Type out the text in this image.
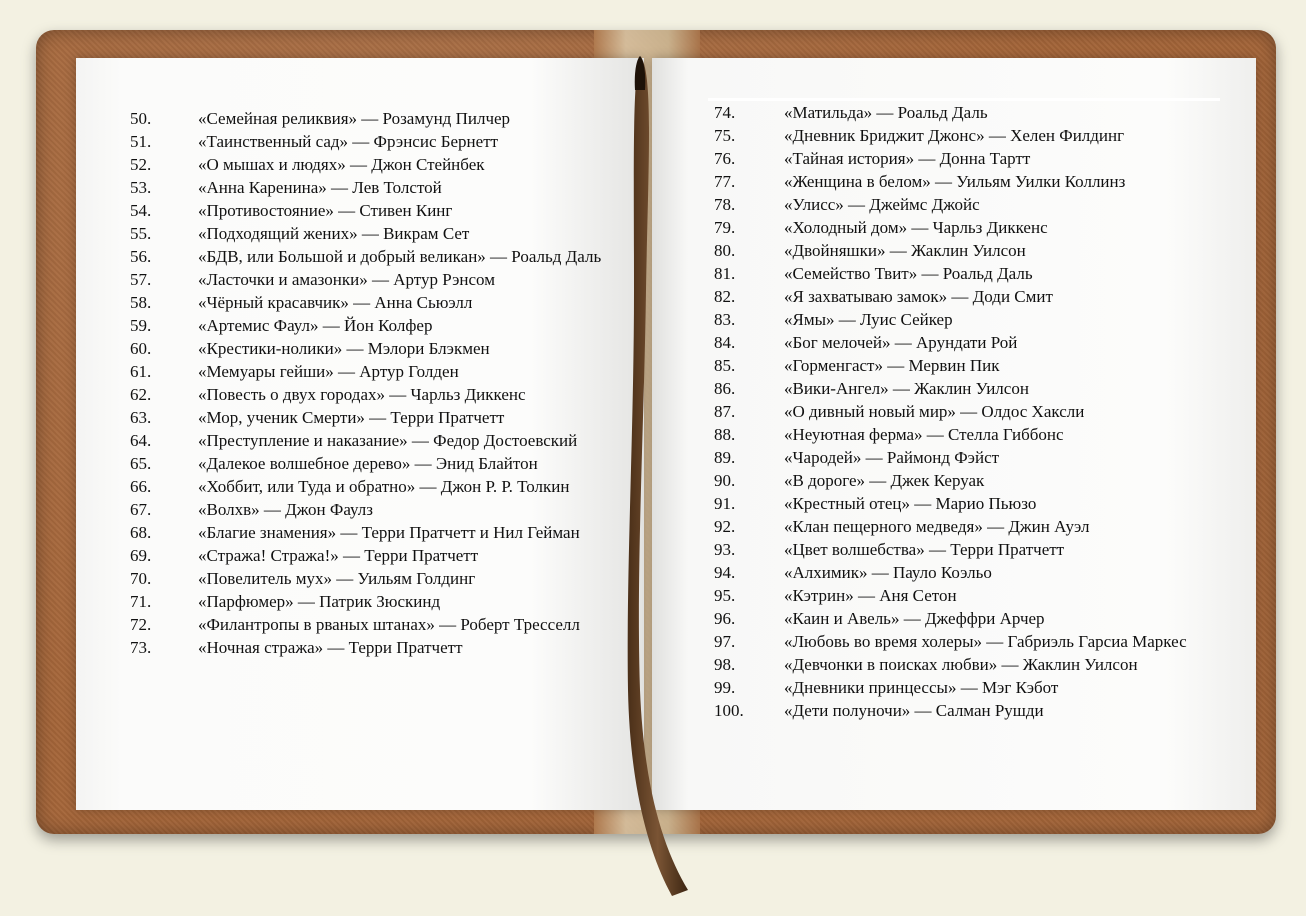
50.	«Семейная реликвия» — Розамунд Пилчер
51.	«Таинственный сад» — Фрэнсис Бернетт
52.	«О мышах и людях» — Джон Стейнбек
53.	«Анна Каренина» — Лев Толстой
54.	«Противостояние» — Стивен Кинг
55.	«Подходящий жених» — Викрам Сет
56.	«БДВ, или Большой и добрый великан» — Роальд Даль
57.	«Ласточки и амазонки» — Артур Рэнсом
58.	«Чёрный красавчик» — Анна Сьюэлл
59.	«Артемис Фаул» — Йон Колфер
60.	«Крестики-нолики» — Мэлори Блэкмен
61.	«Мемуары гейши» — Артур Голден
62.	«Повесть о двух городах» — Чарльз Диккенс
63.	«Мор, ученик Смерти» — Терри Пратчетт
64.	«Преступление и наказание» — Федор Достоевский
65.	«Далекое волшебное дерево» — Энид Блайтон
66.	«Хоббит, или Туда и обратно» — Джон Р. Р. Толкин
67.	«Волхв» — Джон Фаулз
68.	«Благие знамения» — Терри Пратчетт и Нил Гейман
69.	«Стража! Стража!» — Терри Пратчетт
70.	«Повелитель мух» — Уильям Голдинг
71.	«Парфюмер» — Патрик Зюскинд
72.	«Филантропы в рваных штанах» — Роберт Тресселл
73.	«Ночная стража» — Терри Пратчетт
74.	«Матильда» — Роальд Даль
75.	«Дневник Бриджит Джонс» — Хелен Филдинг
76.	«Тайная история» — Донна Тартт
77.	«Женщина в белом» — Уильям Уилки Коллинз
78.	«Улисс» — Джеймс Джойс
79.	«Холодный дом» — Чарльз Диккенс
80.	«Двойняшки» — Жаклин Уилсон
81.	«Семейство Твит» — Роальд Даль
82.	«Я захватываю замок» — Доди Смит
83.	«Ямы» — Луис Сейкер
84.	«Бог мелочей» — Арундати Рой
85.	«Горменгаст» — Мервин Пик
86.	«Вики-Ангел» — Жаклин Уилсон
87.	«О дивный новый мир» — Олдос Хаксли
88.	«Неуютная ферма» — Стелла Гиббонс
89.	«Чародей» — Раймонд Фэйст
90.	«В дороге» — Джек Керуак
91.	«Крестный отец» — Марио Пьюзо
92.	«Клан пещерного медведя» — Джин Ауэл
93.	«Цвет волшебства» — Терри Пратчетт
94.	«Алхимик» — Пауло Коэльо
95.	«Кэтрин» — Аня Сетон
96.	«Каин и Авель» — Джеффри Арчер
97.	«Любовь во время холеры» — Габриэль Гарсиа Маркес
98.	«Девчонки в поисках любви» — Жаклин Уилсон
99.	«Дневники принцессы» — Мэг Кэбот
100. «Дети полуночи» — Салман Рушди
